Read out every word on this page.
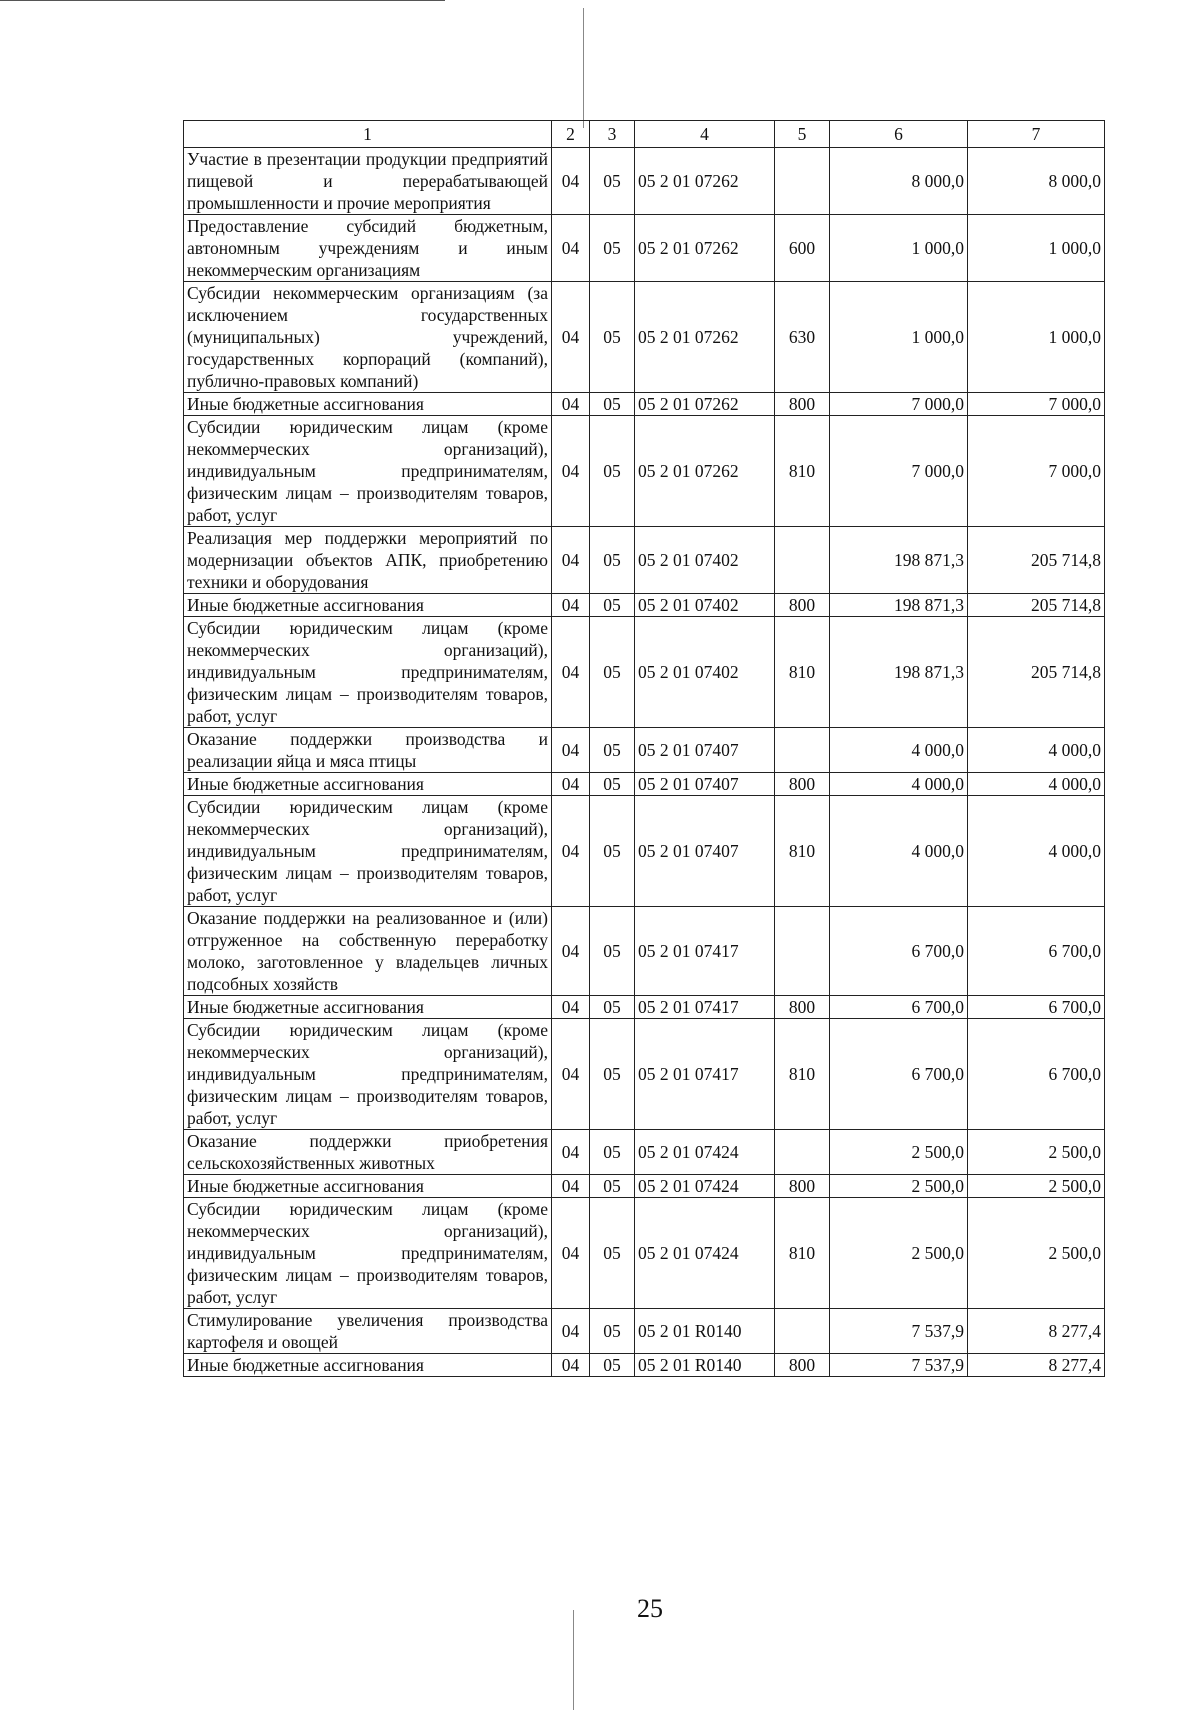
1	2	3	4	5	6	7
Участие в презентации продукции предприятий пищевой и перерабатывающей промышленности и прочие мероприятия	04	05	05 2 01 07262		8 000,0	8 000,0
Предоставление субсидий бюджетным, автономным учреждениям и иным некоммерческим организациям	04	05	05 2 01 07262	600	1 000,0	1 000,0
Субсидии некоммерческим организациям (за исключением государственных (муниципальных) учреждений, государственных корпораций (компаний), публично-правовых компаний)	04	05	05 2 01 07262	630	1 000,0	1 000,0
Иные бюджетные ассигнования	04	05	05 2 01 07262	800	7 000,0	7 000,0
Субсидии юридическим лицам (кроме некоммерческих организаций), индивидуальным предпринимателям, физическим лицам – производителям товаров, работ, услуг	04	05	05 2 01 07262	810	7 000,0	7 000,0
Реализация мер поддержки мероприятий по модернизации объектов АПК, приобретению техники и оборудования	04	05	05 2 01 07402		198 871,3	205 714,8
Иные бюджетные ассигнования	04	05	05 2 01 07402	800	198 871,3	205 714,8
Субсидии юридическим лицам (кроме некоммерческих организаций), индивидуальным предпринимателям, физическим лицам – производителям товаров, работ, услуг	04	05	05 2 01 07402	810	198 871,3	205 714,8
Оказание поддержки производства и реализации яйца и мяса птицы	04	05	05 2 01 07407		4 000,0	4 000,0
Иные бюджетные ассигнования	04	05	05 2 01 07407	800	4 000,0	4 000,0
Субсидии юридическим лицам (кроме некоммерческих организаций), индивидуальным предпринимателям, физическим лицам – производителям товаров, работ, услуг	04	05	05 2 01 07407	810	4 000,0	4 000,0
Оказание поддержки на реализованное и (или) отгруженное на собственную переработку молоко, заготовленное у владельцев личных подсобных хозяйств	04	05	05 2 01 07417		6 700,0	6 700,0
Иные бюджетные ассигнования	04	05	05 2 01 07417	800	6 700,0	6 700,0
Субсидии юридическим лицам (кроме некоммерческих организаций), индивидуальным предпринимателям, физическим лицам – производителям товаров, работ, услуг	04	05	05 2 01 07417	810	6 700,0	6 700,0
Оказание поддержки приобретения сельскохозяйственных животных	04	05	05 2 01 07424		2 500,0	2 500,0
Иные бюджетные ассигнования	04	05	05 2 01 07424	800	2 500,0	2 500,0
Субсидии юридическим лицам (кроме некоммерческих организаций), индивидуальным предпринимателям, физическим лицам – производителям товаров, работ, услуг	04	05	05 2 01 07424	810	2 500,0	2 500,0
Стимулирование увеличения производства картофеля и овощей	04	05	05 2 01 R0140		7 537,9	8 277,4
Иные бюджетные ассигнования	04	05	05 2 01 R0140	800	7 537,9	8 277,4
25
